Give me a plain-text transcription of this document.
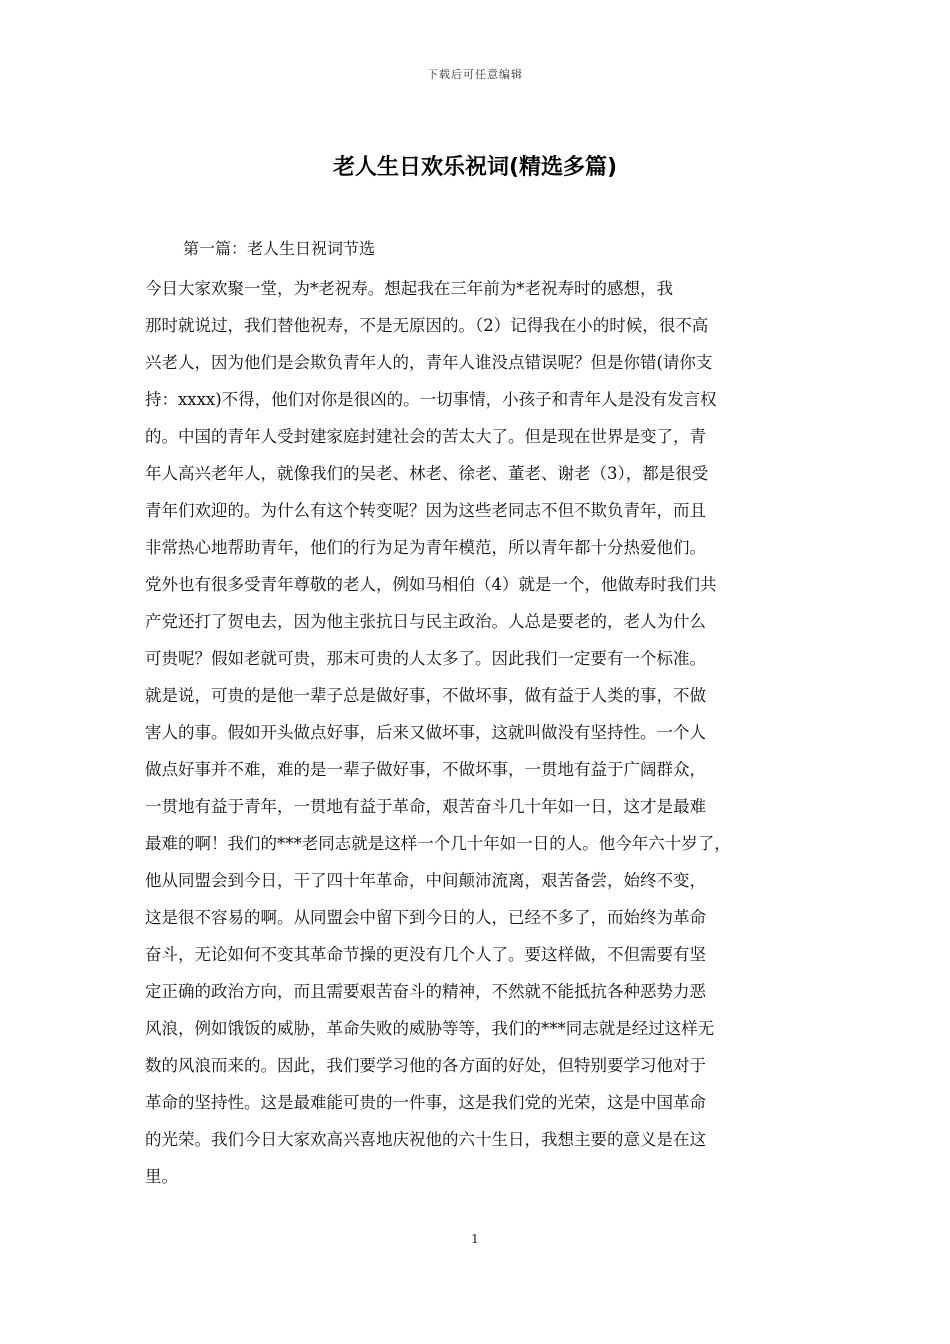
下载后可任意编辑
老人生日欢乐祝词(精选多篇)
第一篇：老人生日祝词节选
今日大家欢聚一堂，为*老祝寿。想起我在三年前为*老祝寿时的感想，我
那时就说过，我们替他祝寿，不是无原因的。（2）记得我在小的时候，很不高
兴老人，因为他们是会欺负青年人的，青年人谁没点错误呢？但是你错(请你支
持：xxxx)不得，他们对你是很凶的。一切事情，小孩子和青年人是没有发言权
的。中国的青年人受封建家庭封建社会的苦太大了。但是现在世界是变了，青
年人高兴老年人，就像我们的吴老、林老、徐老、董老、谢老（3），都是很受
青年们欢迎的。为什么有这个转变呢？因为这些老同志不但不欺负青年，而且
非常热心地帮助青年，他们的行为足为青年模范，所以青年都十分热爱他们。
党外也有很多受青年尊敬的老人，例如马相伯（4）就是一个，他做寿时我们共
产党还打了贺电去，因为他主张抗日与民主政治。人总是要老的，老人为什么
可贵呢？假如老就可贵，那末可贵的人太多了。因此我们一定要有一个标准。
就是说，可贵的是他一辈子总是做好事，不做坏事，做有益于人类的事，不做
害人的事。假如开头做点好事，后来又做坏事，这就叫做没有坚持性。一个人
做点好事并不难，难的是一辈子做好事，不做坏事，一贯地有益于广阔群众，
一贯地有益于青年，一贯地有益于革命，艰苦奋斗几十年如一日，这才是最难
最难的啊！我们的***老同志就是这样一个几十年如一日的人。他今年六十岁了，
他从同盟会到今日，干了四十年革命，中间颠沛流离，艰苦备尝，始终不变，
这是很不容易的啊。从同盟会中留下到今日的人，已经不多了，而始终为革命
奋斗，无论如何不变其革命节操的更没有几个人了。要这样做，不但需要有坚
定正确的政治方向，而且需要艰苦奋斗的精神，不然就不能抵抗各种恶势力恶
风浪，例如饿饭的威胁，革命失败的威胁等等，我们的***同志就是经过这样无
数的风浪而来的。因此，我们要学习他的各方面的好处，但特别要学习他对于
革命的坚持性。这是最难能可贵的一件事，这是我们党的光荣，这是中国革命
的光荣。我们今日大家欢高兴喜地庆祝他的六十生日，我想主要的意义是在这
里。
1
